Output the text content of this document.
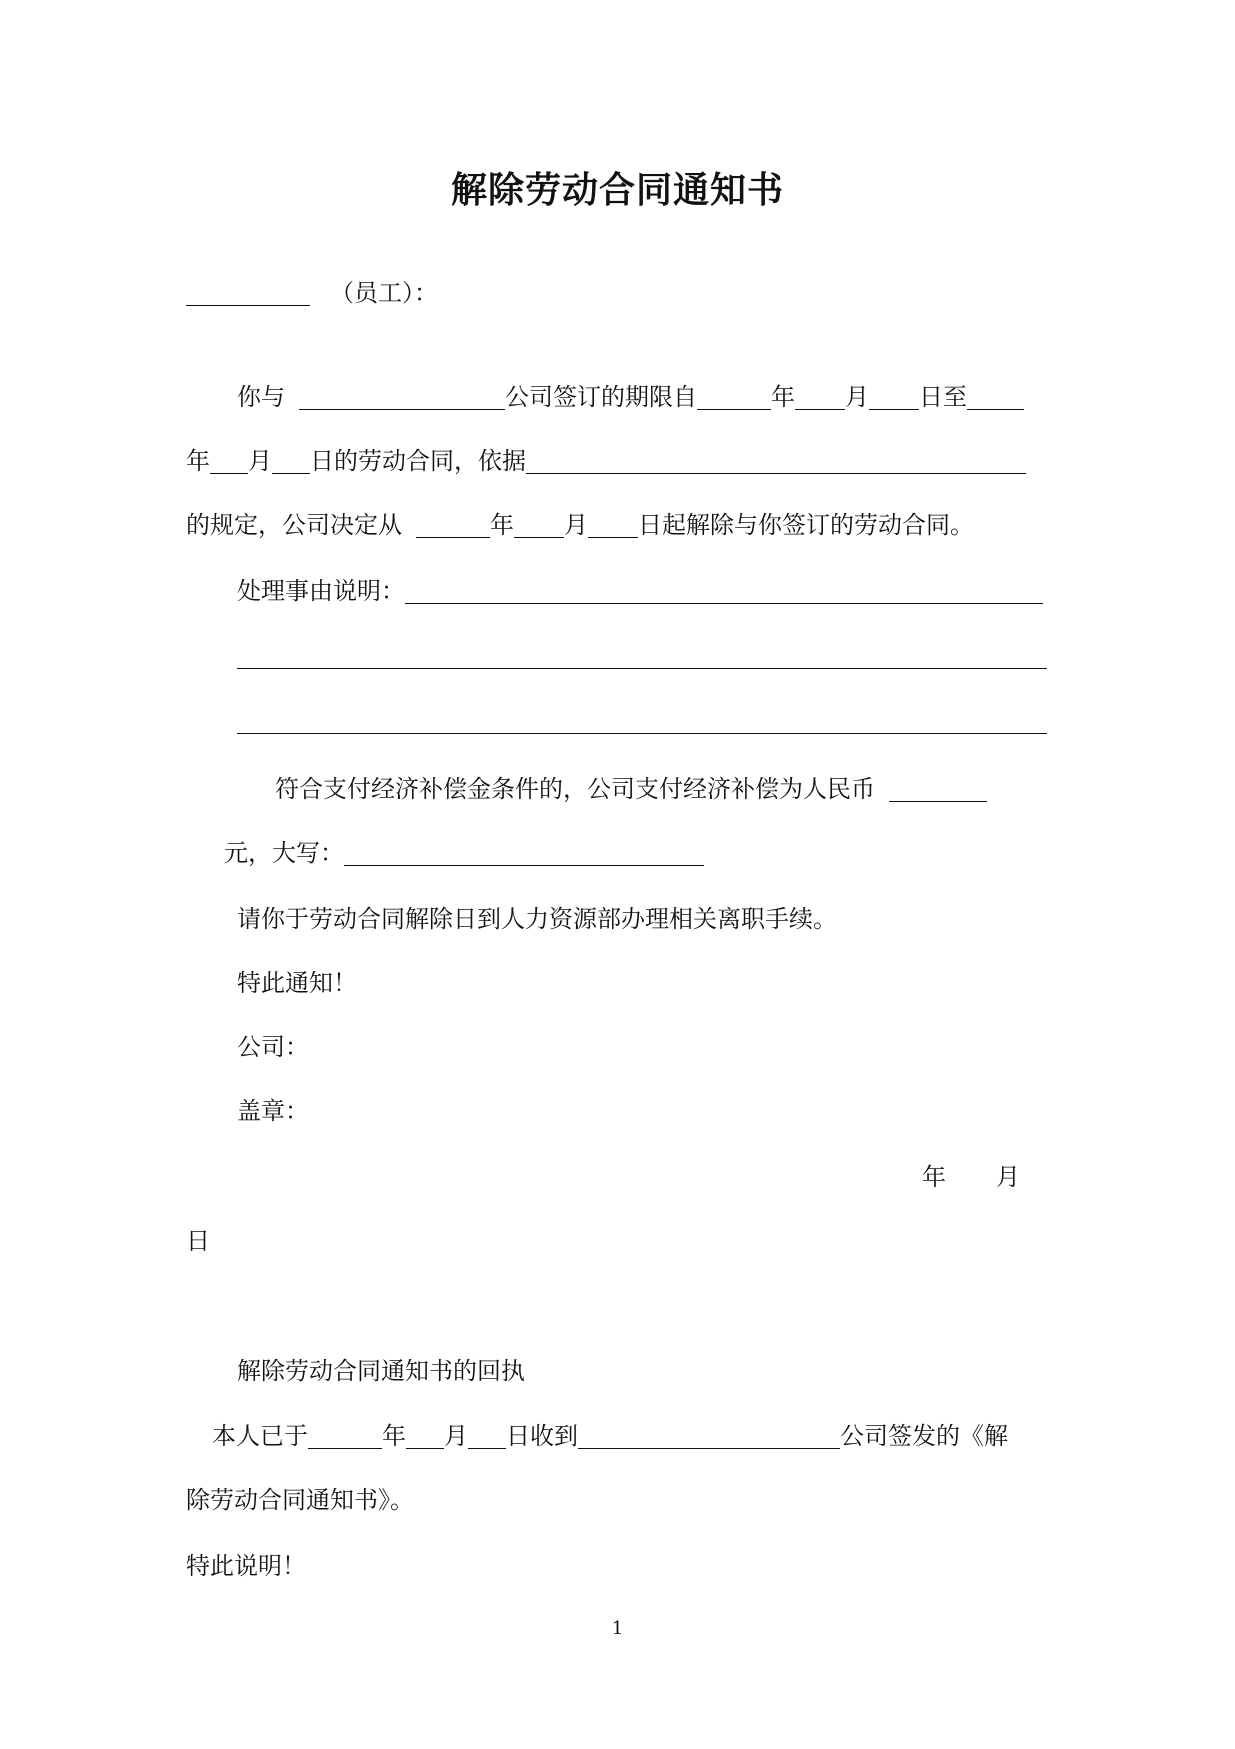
解除劳动合同通知书
（员工）：
你与	公司签订的期限自	年 月 日至
年 月 日的劳动合同，依据
的规定，公司决定从	年 月 日起解除与你签订的劳动合同。
处理事由说明：
符合支付经济补偿金条件的，公司支付经济补偿为人民币
元，大写：
请你于劳动合同解除日到人力资源部办理相关离职手续。
特此通知！
公司：
盖章：
年 月
日
解除劳动合同通知书的回执
本人已于	年 月 日收到	公司签发的《解
除劳动合同通知书》。
特此说明！
1
